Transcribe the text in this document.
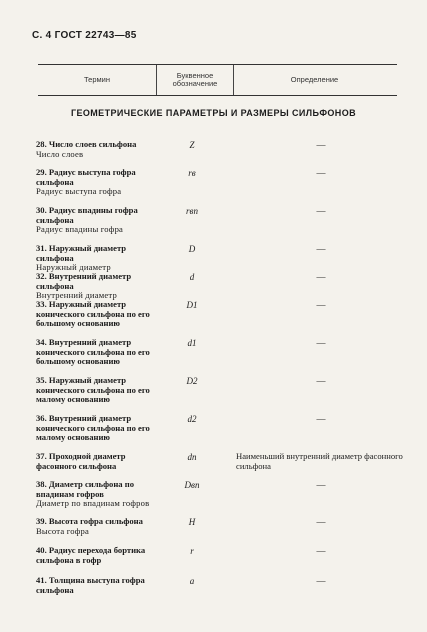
С. 4 ГОСТ 22743—85
Термин	Буквенное обозначение	Определение
ГЕОМЕТРИЧЕСКИЕ ПАРАМЕТРЫ И РАЗМЕРЫ СИЛЬФОНОВ
28. Число слоев сильфона
Число слоев
Z	—
29. Радиус выступа гофра сильфона
Радиус выступа гофра
rв	—
30. Радиус впадины гофра сильфона
Радиус впадины гофра
rвп	—
31. Наружный диаметр сильфона
Наружный диаметр
D	—
32. Внутренний диаметр сильфона
Внутренний диаметр
d	—
33. Наружный диаметр конического сильфона по его большому основанию
D1	—
34. Внутренний диаметр конического сильфона по его большому основанию
d1	—
35. Наружный диаметр конического сильфона по его малому основанию
D2	—
36. Внутренний диаметр конического сильфона по его малому основанию
d2	—
37. Проходной диаметр фасонного сильфона
dп	Наименьший внутренний диаметр фасонного сильфона
38. Диаметр сильфона по впадинам гофров
Диаметр по впадинам гофров
Dвп	—
39. Высота гофра сильфона
Высота гофра
H	—
40. Радиус перехода бортика сильфона в гофр
r	—
41. Толщина выступа гофра сильфона
a	—
